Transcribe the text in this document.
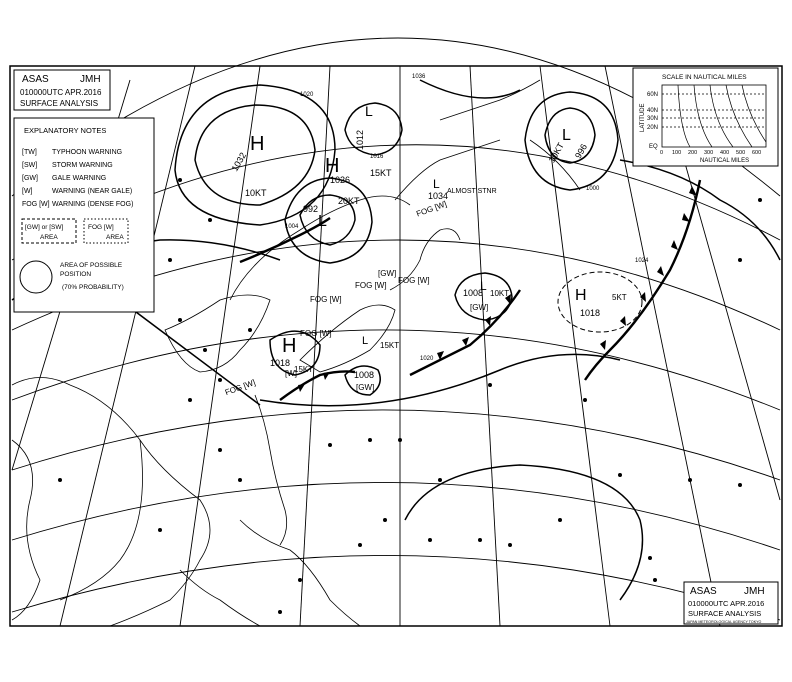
EXPLANATORY NOTES
[TW] TYPHOON WARNING
[SW] STORM WARNING
[GW] GALE WARNING
[W]	WARNING (NEAR GALE)
FOG [W] WARNING (DENSE FOG)
[GW] or [SW]
AREA
FOG [W]
AREA
AREA OF POSSIBLE
POSITION
(70% PROBABILITY)
ASAS	JMH
010000UTC APR.2016
SURFACE ANALYSIS
SCALE IN NAUTICAL MILES
LATITUDE
60N
40N
30N
20N
EQ
0 100 200 300 400 500 600
NAUTICAL MILES
H
1032
10KT
L
992
20KT
L
1012
H
1026
15KT
L
1034
ALMOST STNR
L
996
10KT
L
1008 10KT
H
1018
15KT
H
1018
5KT
L
1008
15KT
FOG [W]
FOG [W]
FOG [W]
FOG [W]
FOG [W]
FOG [W]
[GW]
[GW]
[GW]
[W]
1020
1020
1036
1016
1004
1000
1024
ASAS	JMH
010000UTC APR.2016
SURFACE ANALYSIS
JAPAN METEOROLOGICAL AGENCY TOKYO
